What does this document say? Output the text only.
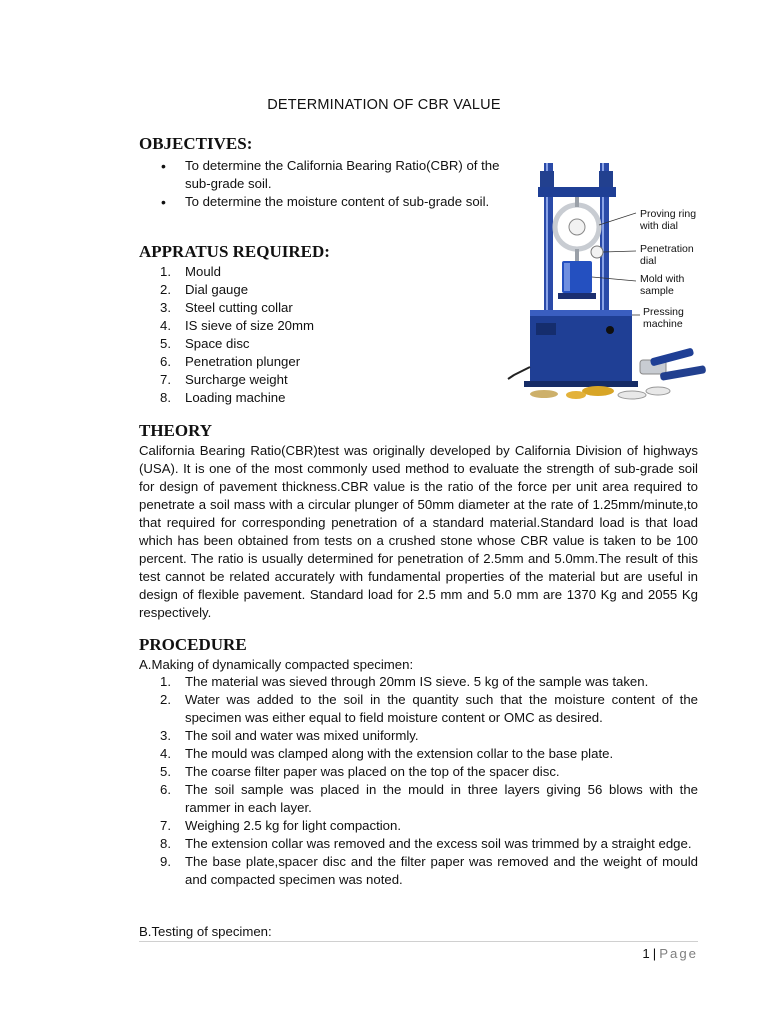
DETERMINATION OF CBR VALUE
OBJECTIVES:
• To determine the California Bearing Ratio(CBR) of the sub-grade soil.
• To determine the moisture content of sub-grade soil.
APPRATUS REQUIRED:
1. Mould
2. Dial gauge
3. Steel cutting collar
4. IS sieve of size 20mm
5. Space disc
6. Penetration plunger
7. Surcharge weight
8. Loading machine
Proving ring with dial
Penetration dial
Mold with sample
Pressing machine
THEORY

California Bearing Ratio(CBR)test was originally developed by California Division of highways (USA). It is one of the most commonly used method to evaluate the strength of sub-grade soil for design of pavement thickness.CBR value is the ratio of the force per unit area required to penetrate a soil mass with a circular plunger of 50mm diameter at the rate of 1.25mm/minute,to that required for corresponding penetration of a standard material.Standard load is that load which has been obtained from tests on a crushed stone whose CBR value is taken to be 100 percent. The ratio is usually determined for penetration of 2.5mm and 5.0mm.The result of this test cannot be related accurately with fundamental properties of the material but are useful in design of flexible pavement. Standard load for 2.5 mm and 5.0 mm are 1370 Kg and 2055 Kg respectively.

PROCEDURE
A.Making of dynamically compacted specimen:
1. The material was sieved through 20mm IS sieve. 5 kg of the sample was taken.
2. Water was added to the soil in the quantity such that the moisture content of the specimen was either equal to field moisture content or OMC as desired.
3. The soil and water was mixed uniformly.
4. The mould was clamped along with the extension collar to the base plate.
5. The coarse filter paper was placed on the top of the spacer disc.
6. The soil sample was placed in the mould in three layers giving 56 blows with the rammer in each layer.
7. Weighing 2.5 kg for light compaction.
8. The extension collar was removed and the excess soil was trimmed by a straight edge.
9. The base plate,spacer disc and the filter paper was removed and the weight of mould and compacted specimen was noted.
B.Testing of specimen:
1 | Page
